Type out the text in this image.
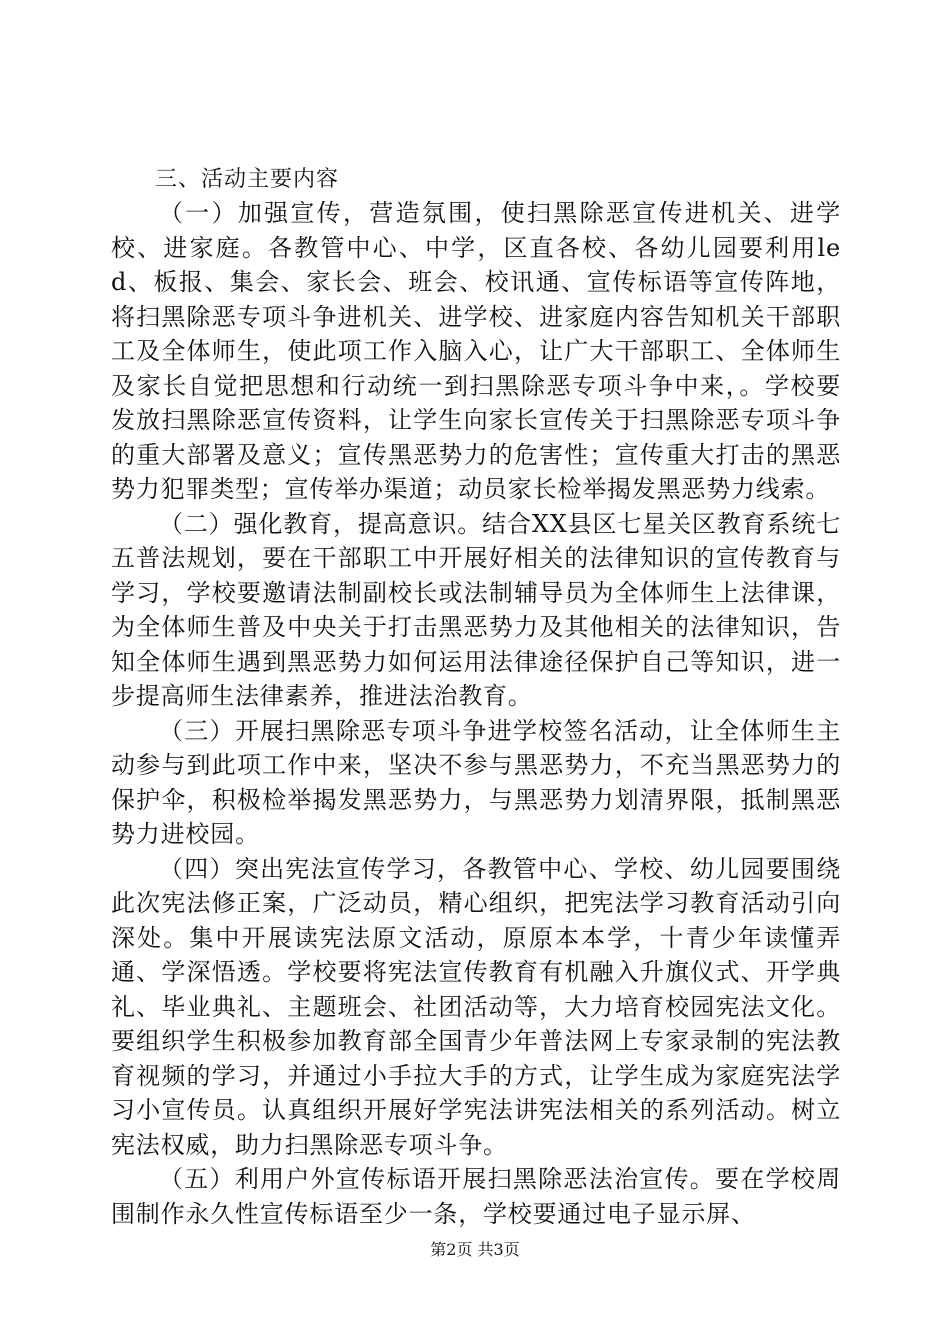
三、活动主要内容

（一）加强宣传，营造氛围，使扫黑除恶宣传进机关、进学校、进家庭。各教管中心、中学，区直各校、各幼儿园要利用led、板报、集会、家长会、班会、校讯通、宣传标语等宣传阵地，将扫黑除恶专项斗争进机关、进学校、进家庭内容告知机关干部职工及全体师生，使此项工作入脑入心，让广大干部职工、全体师生及家长自觉把思想和行动统一到扫黑除恶专项斗争中来，。学校要发放扫黑除恶宣传资料，让学生向家长宣传关于扫黑除恶专项斗争的重大部署及意义；宣传黑恶势力的危害性；宣传重大打击的黑恶势力犯罪类型；宣传举办渠道；动员家长检举揭发黑恶势力线索。

（二）强化教育，提高意识。结合XX县区七星关区教育系统七五普法规划，要在干部职工中开展好相关的法律知识的宣传教育与学习，学校要邀请法制副校长或法制辅导员为全体师生上法律课，为全体师生普及中央关于打击黑恶势力及其他相关的法律知识，告知全体师生遇到黑恶势力如何运用法律途径保护自己等知识，进一步提高师生法律素养，推进法治教育。

（三）开展扫黑除恶专项斗争进学校签名活动，让全体师生主动参与到此项工作中来，坚决不参与黑恶势力，不充当黑恶势力的保护伞，积极检举揭发黑恶势力，与黑恶势力划清界限，抵制黑恶势力进校园。

（四）突出宪法宣传学习，各教管中心、学校、幼儿园要围绕此次宪法修正案，广泛动员，精心组织，把宪法学习教育活动引向深处。集中开展读宪法原文活动，原原本本学，十青少年读懂弄通、学深悟透。学校要将宪法宣传教育有机融入升旗仪式、开学典礼、毕业典礼、主题班会、社团活动等，大力培育校园宪法文化。要组织学生积极参加教育部全国青少年普法网上专家录制的宪法教育视频的学习，并通过小手拉大手的方式，让学生成为家庭宪法学习小宣传员。认真组织开展好学宪法讲宪法相关的系列活动。树立宪法权威，助力扫黑除恶专项斗争。

（五）利用户外宣传标语开展扫黑除恶法治宣传。要在学校周围制作永久性宣传标语至少一条，学校要通过电子显示屏、

第2页 共3页
